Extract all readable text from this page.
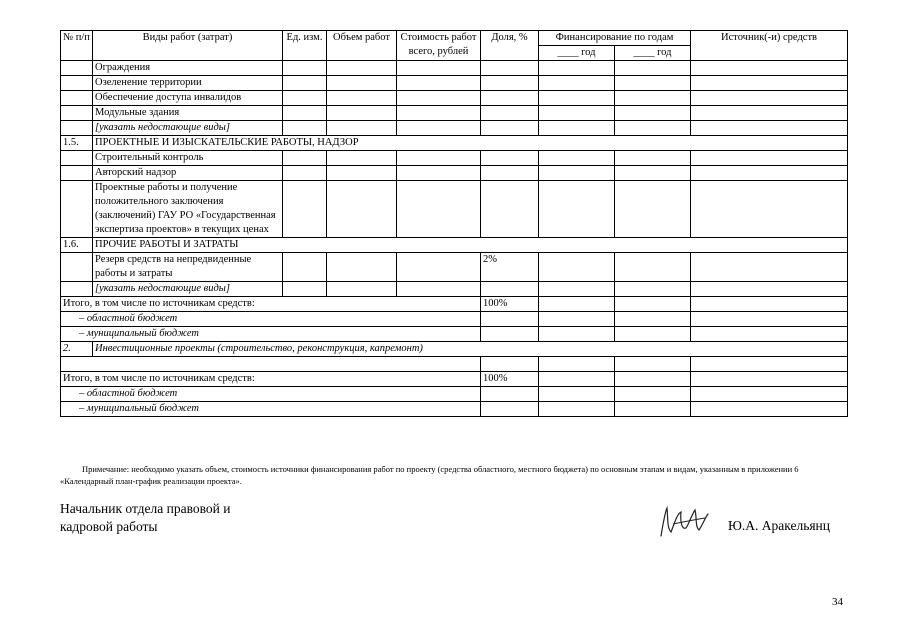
№ п/п	Виды работ (затрат)	Ед. изм.	Объем работ	Стоимость работ всего, рублей	Доля, %	Финансирование по годам		Источник(-и) средств
						____ год	____ год	
	Ограждения							
	Озеленение территории							
	Обеспечение доступа инвалидов							
	Модульные здания							
	[указать недостающие виды]							
1.5.	ПРОЕКТНЫЕ И ИЗЫСКАТЕЛЬСКИЕ РАБОТЫ, НАДЗОР							
	Строительный контроль							
	Авторский надзор							
	Проектные работы и получение положительного заключения (заключений) ГАУ РО «Государственная экспертиза проектов» в текущих ценах							
1.6.	ПРОЧИЕ РАБОТЫ И ЗАТРАТЫ							
	Резерв средств на непредвиденные работы и затраты				2%			
	[указать недостающие виды]							
Итого, в том числе по источникам средств:					100%			
– областной бюджет								
– муниципальный бюджет								
2.	Инвестиционные проекты (строительство, реконструкция, капремонт)							

Итого, в том числе по источникам средств:					100%			
– областной бюджет								
– муниципальный бюджет								
Примечание: необходимо указать объем, стоимость источники финансирования работ по проекту (средства областного, местного бюджета) по основным этапам и видам, указанным в приложении 6 «Календарный план-график реализации проекта».
Начальник отдела правовой и
кадровой работы	Ю.А. Аракельянц
34
